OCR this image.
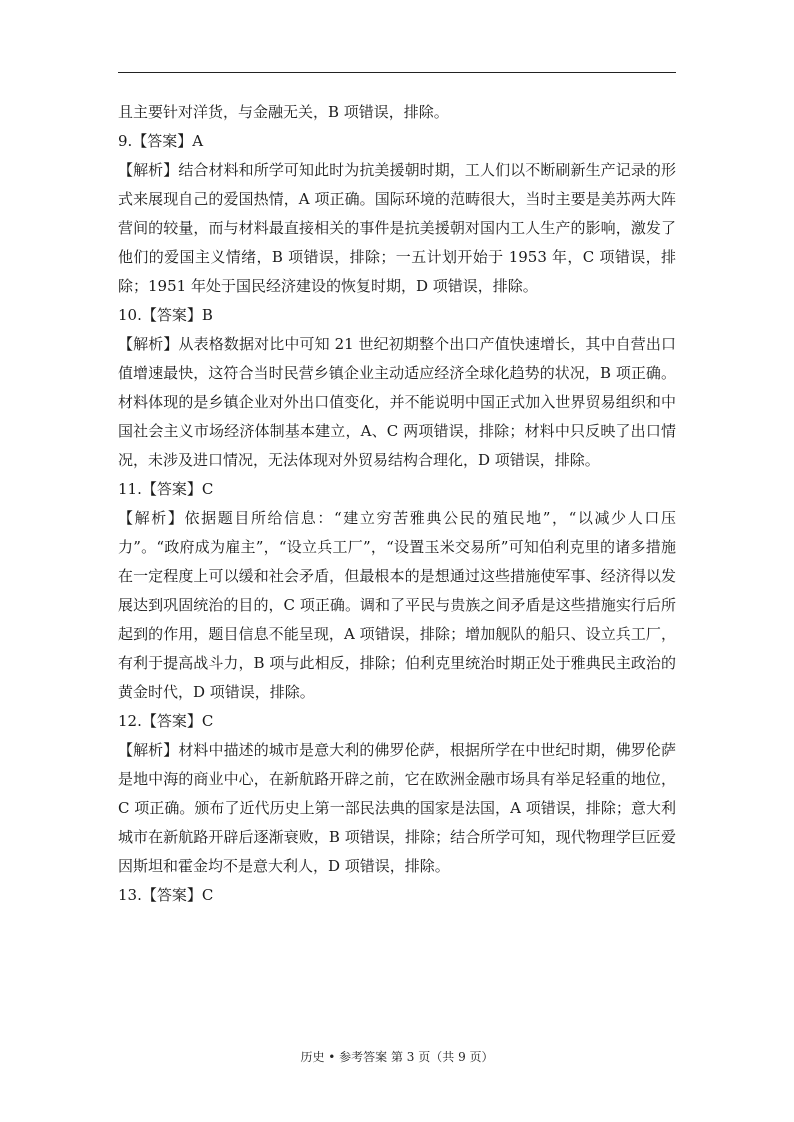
且主要针对洋货，与金融无关，B 项错误，排除。

9.【答案】A

【解析】结合材料和所学可知此时为抗美援朝时期，工人们以不断刷新生产记录的形式来展现自己的爱国热情，A 项正确。国际环境的范畴很大，当时主要是美苏两大阵营间的较量，而与材料最直接相关的事件是抗美援朝对国内工人生产的影响，激发了他们的爱国主义情绪，B 项错误，排除；一五计划开始于 1953 年，C 项错误，排除；1951 年处于国民经济建设的恢复时期，D 项错误，排除。

10.【答案】B

【解析】从表格数据对比中可知 21 世纪初期整个出口产值快速增长，其中自营出口值增速最快，这符合当时民营乡镇企业主动适应经济全球化趋势的状况，B 项正确。材料体现的是乡镇企业对外出口值变化，并不能说明中国正式加入世界贸易组织和中国社会主义市场经济体制基本建立，A、C 两项错误，排除；材料中只反映了出口情况，未涉及进口情况，无法体现对外贸易结构合理化，D 项错误，排除。

11.【答案】C

【解析】依据题目所给信息：“建立穷苦雅典公民的殖民地”，“以减少人口压力”。“政府成为雇主”，“设立兵工厂”，“设置玉米交易所”可知伯利克里的诸多措施在一定程度上可以缓和社会矛盾，但最根本的是想通过这些措施使军事、经济得以发展达到巩固统治的目的，C 项正确。调和了平民与贵族之间矛盾是这些措施实行后所起到的作用，题目信息不能呈现，A 项错误，排除；增加舰队的船只、设立兵工厂，有利于提高战斗力，B 项与此相反，排除；伯利克里统治时期正处于雅典民主政治的黄金时代，D 项错误，排除。

12.【答案】C

【解析】材料中描述的城市是意大利的佛罗伦萨，根据所学在中世纪时期，佛罗伦萨是地中海的商业中心，在新航路开辟之前，它在欧洲金融市场具有举足轻重的地位，C 项正确。颁布了近代历史上第一部民法典的国家是法国，A 项错误，排除；意大利城市在新航路开辟后逐渐衰败，B 项错误，排除；结合所学可知，现代物理学巨匠爱因斯坦和霍金均不是意大利人，D 项错误，排除。

13.【答案】C

历史 • 参考答案 第 3 页（共 9 页）
